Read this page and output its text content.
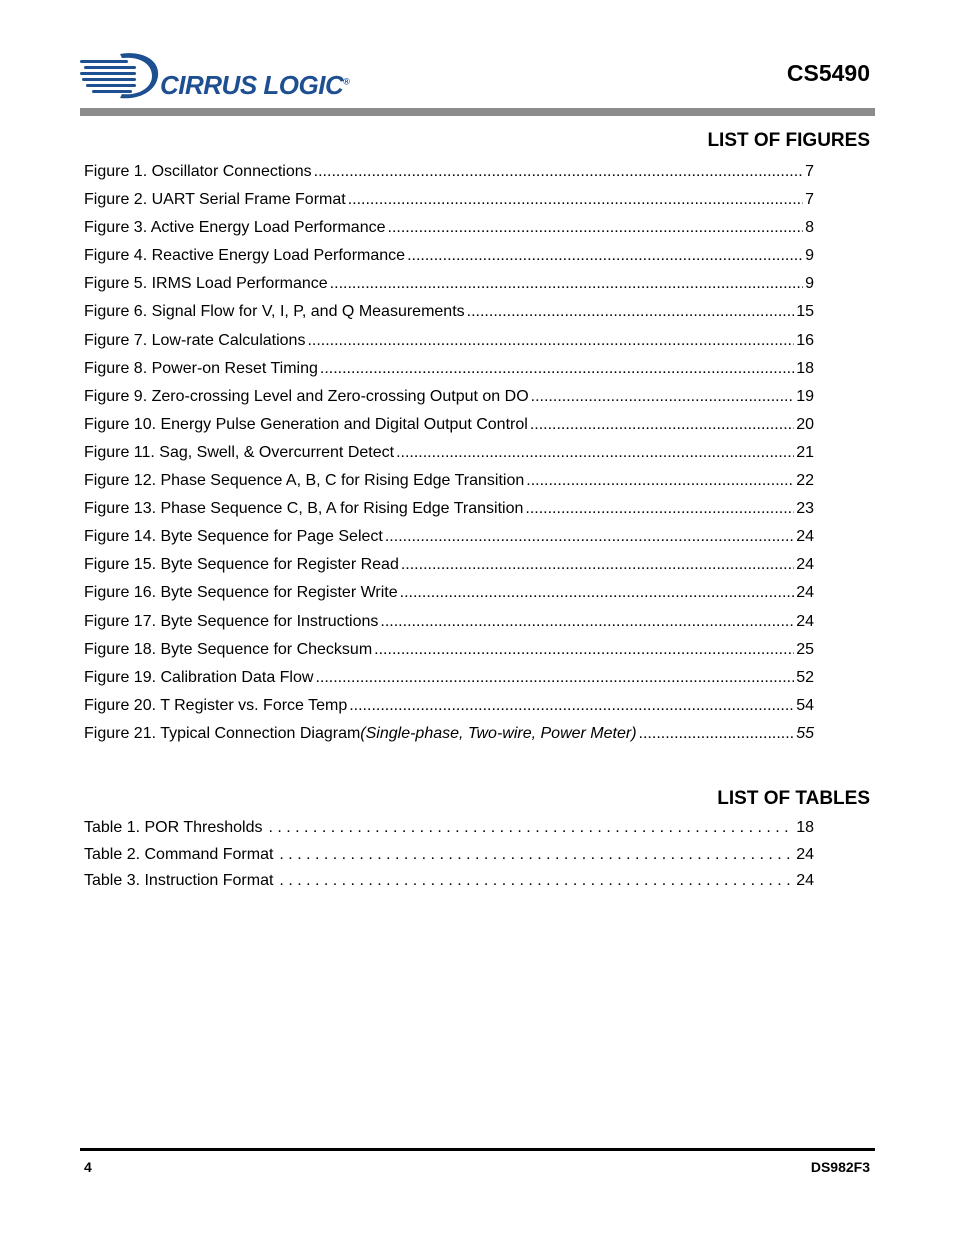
CIRRUS LOGIC®	CS5490
LIST OF FIGURES
Figure 1. Oscillator Connections .....	7
Figure 2. UART Serial Frame Format .....	7
Figure 3. Active Energy Load Performance .....	8
Figure 4. Reactive Energy Load Performance .....	9
Figure 5. IRMS Load Performance .....	9
Figure 6. Signal Flow for V, I, P, and Q Measurements .....	15
Figure 7. Low-rate Calculations .....	16
Figure 8. Power-on Reset Timing .....	18
Figure 9. Zero-crossing Level and Zero-crossing Output on DO .....	19
Figure 10. Energy Pulse Generation and Digital Output Control .....	20
Figure 11. Sag, Swell, & Overcurrent Detect .....	21
Figure 12. Phase Sequence A, B, C for Rising Edge Transition .....	22
Figure 13. Phase Sequence C, B, A for Rising Edge Transition .....	23
Figure 14. Byte Sequence for Page Select .....	24
Figure 15. Byte Sequence for Register Read .....	24
Figure 16. Byte Sequence for Register Write .....	24
Figure 17. Byte Sequence for Instructions .....	24
Figure 18. Byte Sequence for Checksum .....	25
Figure 19. Calibration Data Flow .....	52
Figure 20. T Register vs. Force Temp .....	54
Figure 21. Typical Connection Diagram (Single-phase, Two-wire, Power Meter) .....	55
LIST OF TABLES
Table 1. POR Thresholds . . .	18
Table 2. Command Format . . .	24
Table 3. Instruction Format . . .	24
4	DS982F3
